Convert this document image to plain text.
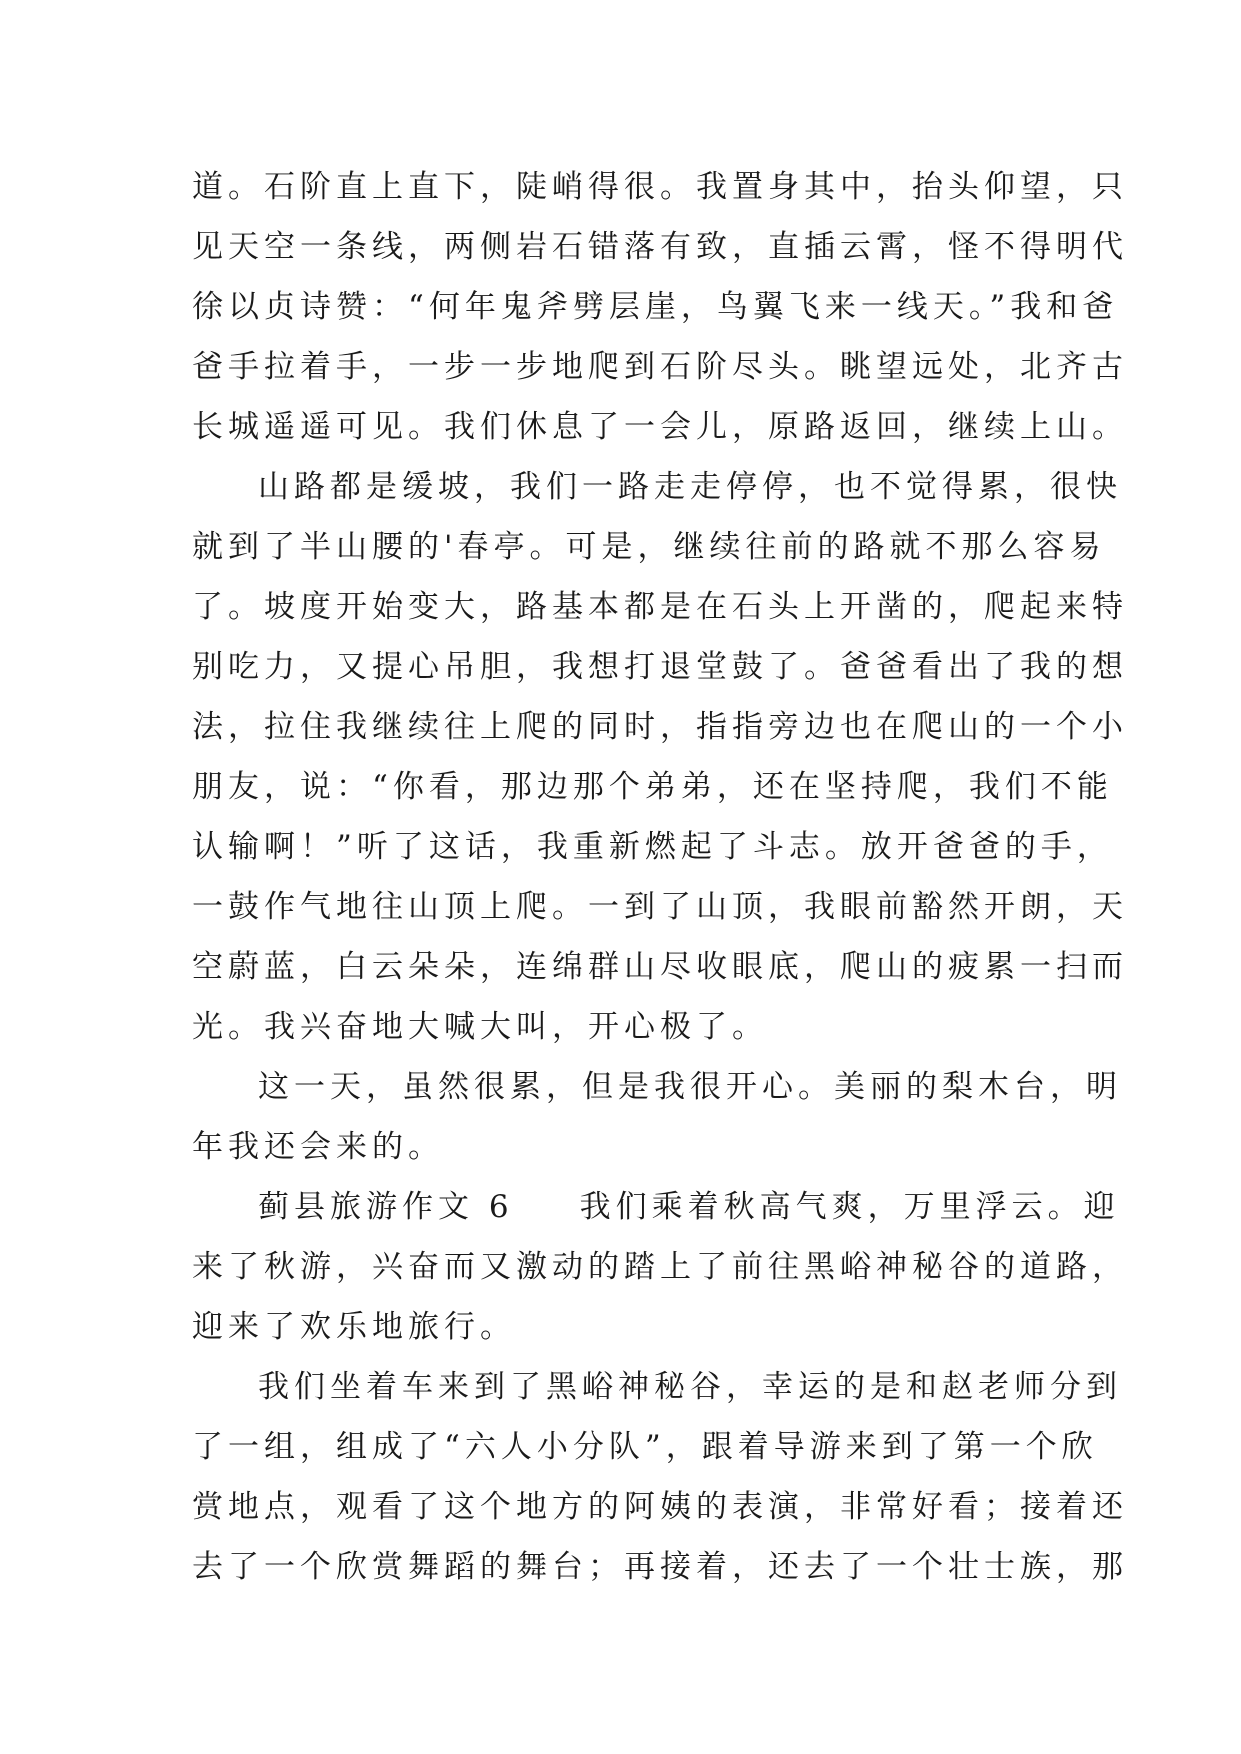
道。石阶直上直下，陡峭得很。我置身其中，抬头仰望，只
见天空一条线，两侧岩石错落有致，直插云霄，怪不得明代
徐以贞诗赞：“何年鬼斧劈层崖，鸟翼飞来一线天。”我和爸
爸手拉着手，一步一步地爬到石阶尽头。眺望远处，北齐古
长城遥遥可见。我们休息了一会儿，原路返回，继续上山。
山路都是缓坡，我们一路走走停停，也不觉得累，很快
就到了半山腰的'春亭。可是，继续往前的路就不那么容易
了。坡度开始变大，路基本都是在石头上开凿的，爬起来特
别吃力，又提心吊胆，我想打退堂鼓了。爸爸看出了我的想
法，拉住我继续往上爬的同时，指指旁边也在爬山的一个小
朋友，说：“你看，那边那个弟弟，还在坚持爬，我们不能
认输啊！”听了这话，我重新燃起了斗志。放开爸爸的手，
一鼓作气地往山顶上爬。一到了山顶，我眼前豁然开朗，天
空蔚蓝，白云朵朵，连绵群山尽收眼底，爬山的疲累一扫而
光。我兴奋地大喊大叫，开心极了。
这一天，虽然很累，但是我很开心。美丽的梨木台，明
年我还会来的。
蓟县旅游作文 6 我们乘着秋高气爽，万里浮云。迎
来了秋游，兴奋而又激动的踏上了前往黑峪神秘谷的道路，
迎来了欢乐地旅行。
我们坐着车来到了黑峪神秘谷，幸运的是和赵老师分到
了一组，组成了“六人小分队”，跟着导游来到了第一个欣
赏地点，观看了这个地方的阿姨的表演，非常好看；接着还
去了一个欣赏舞蹈的舞台；再接着，还去了一个壮士族，那
